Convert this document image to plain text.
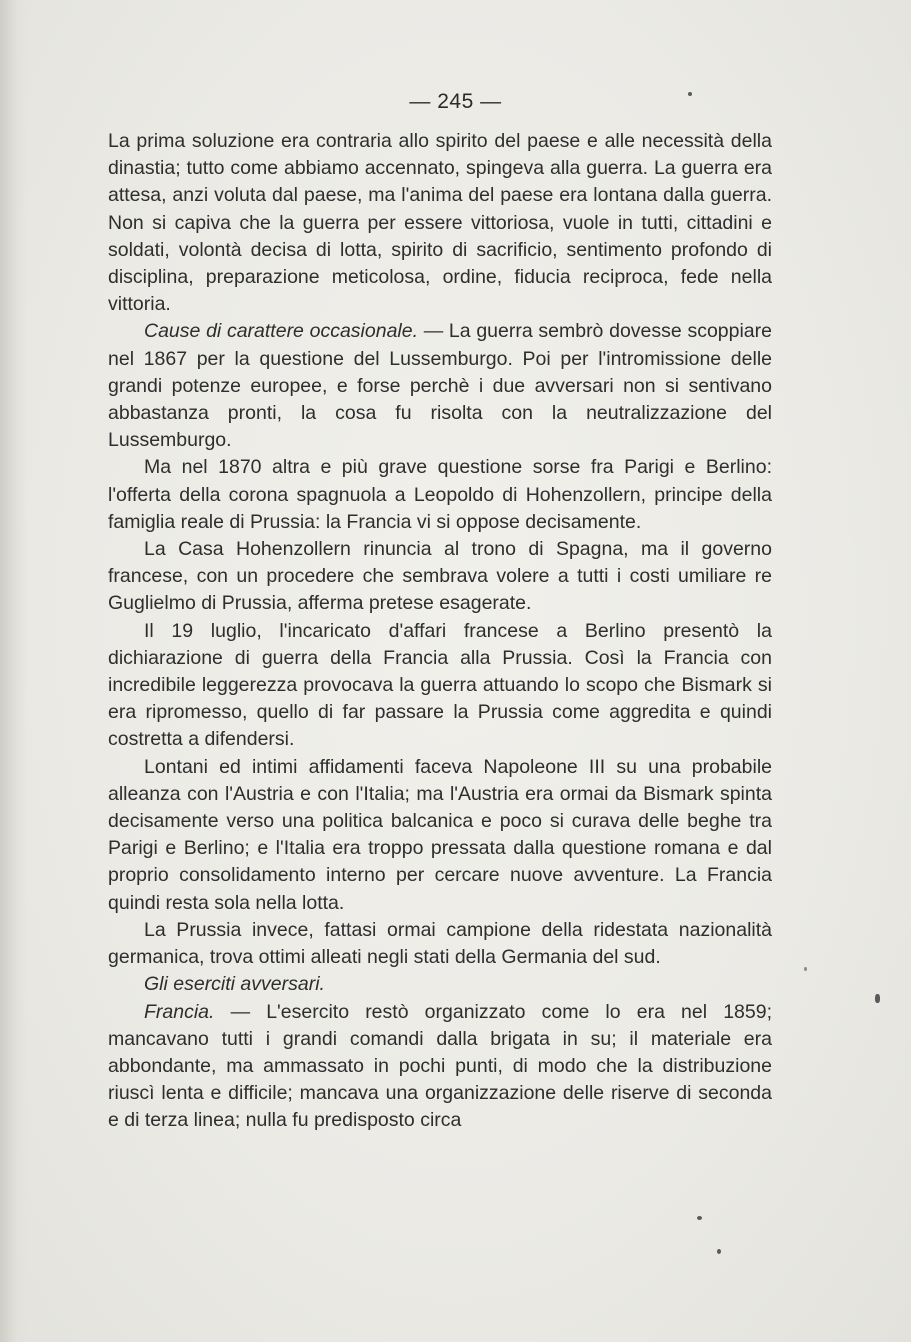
— 245 —

La prima soluzione era contraria allo spirito del paese e alle necessità della dinastia; tutto come abbiamo accennato, spingeva alla guerra. La guerra era attesa, anzi voluta dal paese, ma l'anima del paese era lontana dalla guerra. Non si capiva che la guerra per essere vittoriosa, vuole in tutti, cittadini e soldati, volontà decisa di lotta, spirito di sacrificio, sentimento profondo di disciplina, preparazione meticolosa, ordine, fiducia reciproca, fede nella vittoria.

Cause di carattere occasionale. — La guerra sembrò dovesse scoppiare nel 1867 per la questione del Lussemburgo. Poi per l'intromissione delle grandi potenze europee, e forse perchè i due avversari non si sentivano abbastanza pronti, la cosa fu risolta con la neutralizzazione del Lussemburgo.

Ma nel 1870 altra e più grave questione sorse fra Parigi e Berlino: l'offerta della corona spagnuola a Leopoldo di Hohenzollern, principe della famiglia reale di Prussia: la Francia vi si oppose decisamente.

La Casa Hohenzollern rinuncia al trono di Spagna, ma il governo francese, con un procedere che sembrava volere a tutti i costi umiliare re Guglielmo di Prussia, afferma pretese esagerate.

Il 19 luglio, l'incaricato d'affari francese a Berlino presentò la dichiarazione di guerra della Francia alla Prussia. Così la Francia con incredibile leggerezza provocava la guerra attuando lo scopo che Bismark si era ripromesso, quello di far passare la Prussia come aggredita e quindi costretta a difendersi.

Lontani ed intimi affidamenti faceva Napoleone III su una probabile alleanza con l'Austria e con l'Italia; ma l'Austria era ormai da Bismark spinta decisamente verso una politica balcanica e poco si curava delle beghe tra Parigi e Berlino; e l'Italia era troppo pressata dalla questione romana e dal proprio consolidamento interno per cercare nuove avventure. La Francia quindi resta sola nella lotta.

La Prussia invece, fattasi ormai campione della ridestata nazionalità germanica, trova ottimi alleati negli stati della Germania del sud.

Gli eserciti avversari.

Francia. — L'esercito restò organizzato come lo era nel 1859; mancavano tutti i grandi comandi dalla brigata in su; il materiale era abbondante, ma ammassato in pochi punti, di modo che la distribuzione riuscì lenta e difficile; mancava una organizzazione delle riserve di seconda e di terza linea; nulla fu predisposto circa
